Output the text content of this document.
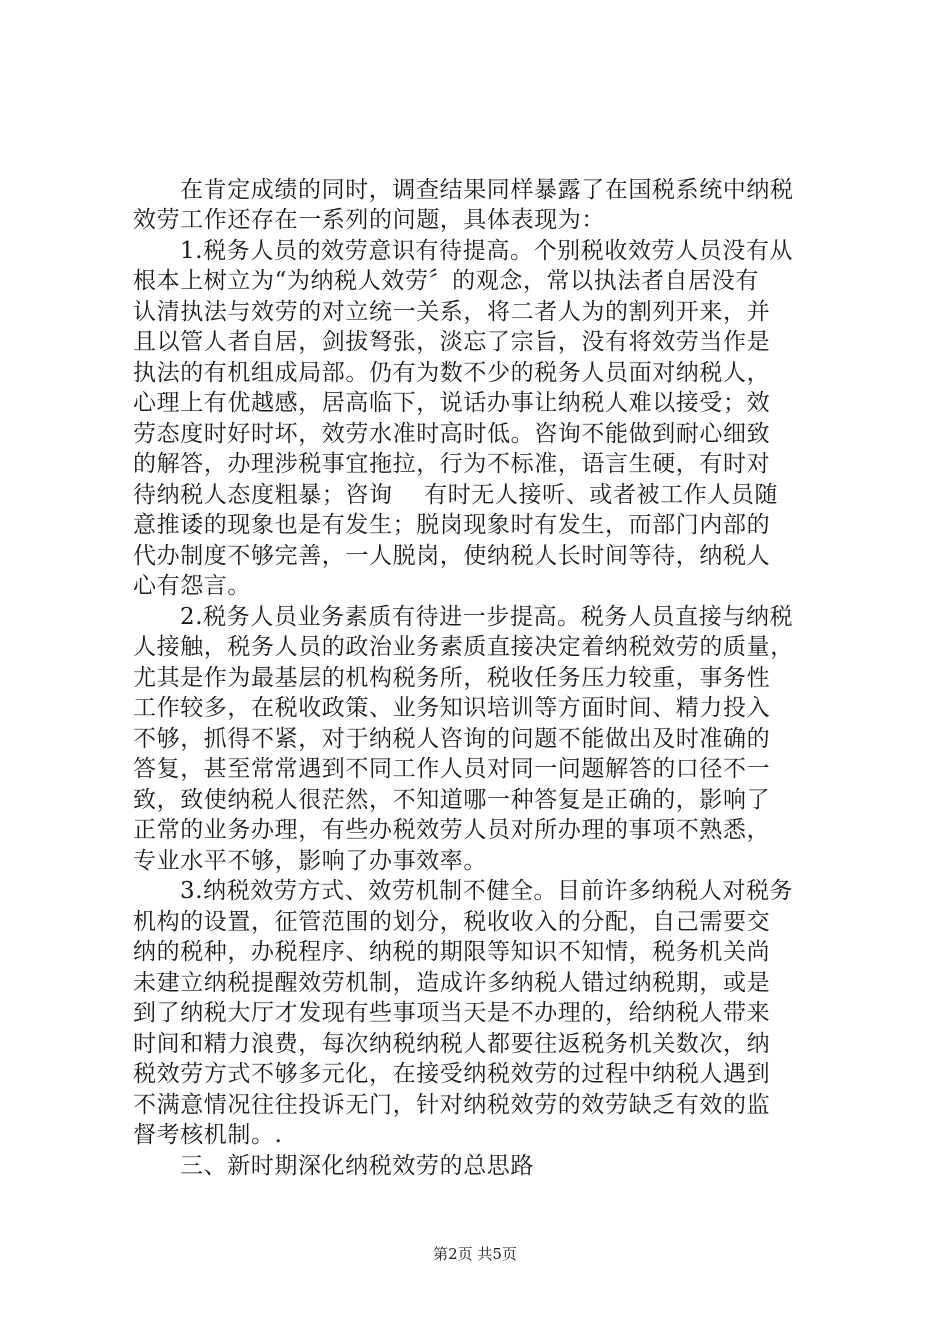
在肯定成绩的同时，调查结果同样暴露了在国税系统中纳税

效劳工作还存在一系列的问题，具体表现为：

1.税务人员的效劳意识有待提高。个别税收效劳人员没有从

根本上树立为“为纳税人效劳〞的观念，常以执法者自居没有

认清执法与效劳的对立统一关系，将二者人为的割列开来，并

且以管人者自居，剑拔弩张，淡忘了宗旨，没有将效劳当作是

执法的有机组成局部。仍有为数不少的税务人员面对纳税人，

心理上有优越感，居高临下，说话办事让纳税人难以接受；效

劳态度时好时坏，效劳水准时高时低。咨询不能做到耐心细致

的解答，办理涉税事宜拖拉，行为不标准，语言生硬，有时对

待纳税人态度粗暴；咨询　 有时无人接听、或者被工作人员随

意推诿的现象也是有发生；脱岗现象时有发生，而部门内部的

代办制度不够完善，一人脱岗，使纳税人长时间等待，纳税人

心有怨言。

2.税务人员业务素质有待进一步提高。税务人员直接与纳税

人接触，税务人员的政治业务素质直接决定着纳税效劳的质量，

尤其是作为最基层的机构税务所，税收任务压力较重，事务性

工作较多，在税收政策、业务知识培训等方面时间、精力投入

不够，抓得不紧，对于纳税人咨询的问题不能做出及时准确的

答复，甚至常常遇到不同工作人员对同一问题解答的口径不一

致，致使纳税人很茫然，不知道哪一种答复是正确的，影响了

正常的业务办理，有些办税效劳人员对所办理的事项不熟悉，

专业水平不够，影响了办事效率。

3.纳税效劳方式、效劳机制不健全。目前许多纳税人对税务

机构的设置，征管范围的划分，税收收入的分配，自己需要交

纳的税种，办税程序、纳税的期限等知识不知情，税务机关尚

未建立纳税提醒效劳机制，造成许多纳税人错过纳税期，或是

到了纳税大厅才发现有些事项当天是不办理的，给纳税人带来

时间和精力浪费，每次纳税纳税人都要往返税务机关数次，纳

税效劳方式不够多元化，在接受纳税效劳的过程中纳税人遇到

不满意情况往往投诉无门，针对纳税效劳的效劳缺乏有效的监

督考核机制。.

三、新时期深化纳税效劳的总思路

第2页 共5页
